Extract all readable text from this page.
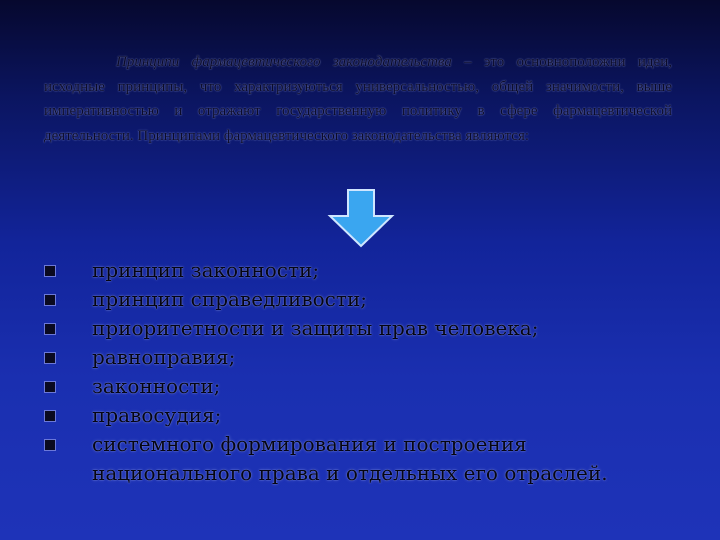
Принципи фармацевтического законодательства – это основноположни идеи, исходные принципы, что характризуються универсальностью, общей значимости, выше императивностью и отражают государственную политику в сфере фармацевтической деятельности. Принципами фармацевтического законодательства являются:
принцип законности;
принцип справедливости;
приоритетности и защиты прав человека;
равноправия;
законности;
правосудия;
системного формирования и построения национального права и отдельных его отраслей.
